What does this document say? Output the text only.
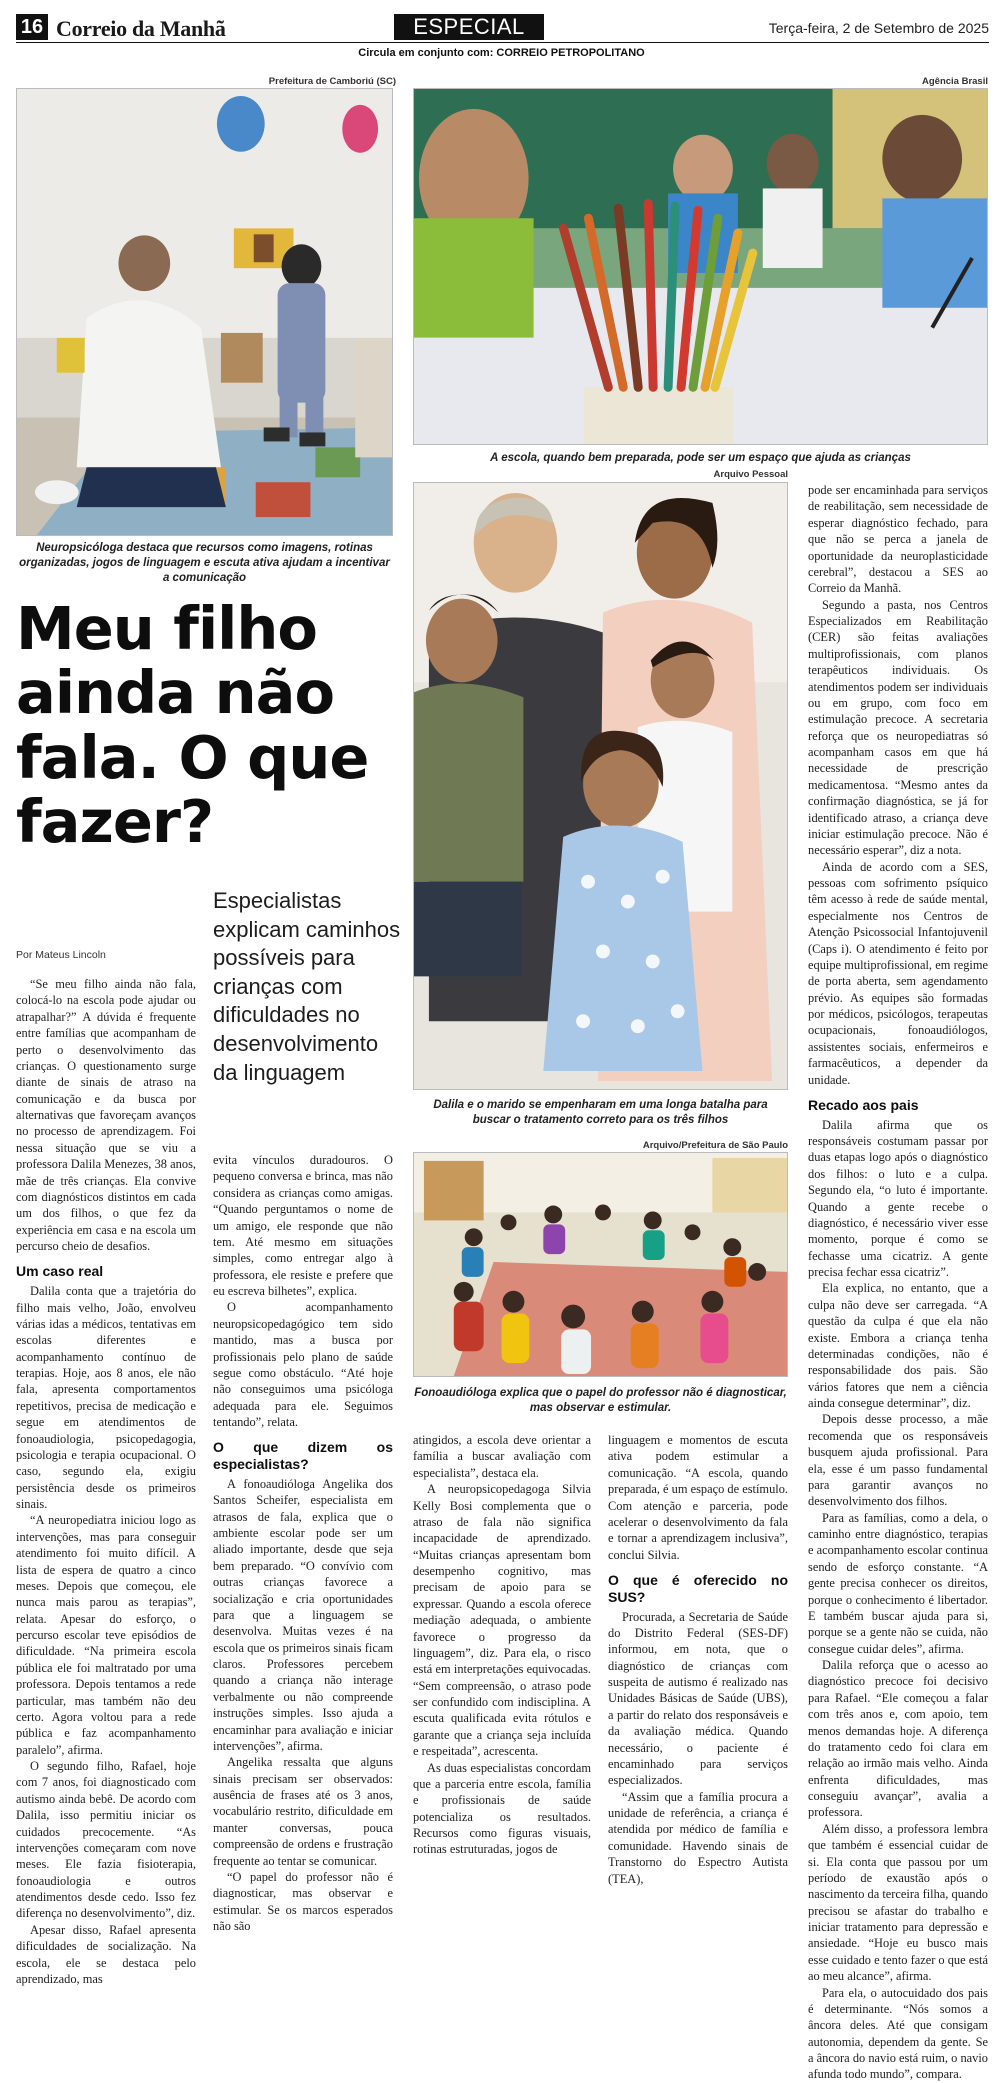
16 Correio da Manhã	ESPECIAL	Terça-feira, 2 de Setembro de 2025
Circula em conjunto com: CORREIO PETROPOLITANO
Prefeitura de Camboriú (SC)
Neuropsicóloga destaca que recursos como imagens, rotinas organizadas, jogos de linguagem e escuta ativa ajudam a incentivar a comunicação
Agência Brasil
A escola, quando bem preparada, pode ser um espaço que ajuda as crianças
Arquivo Pessoal
Dalila e o marido se empenharam em uma longa batalha para buscar o tratamento correto para os três filhos
Arquivo/Prefeitura de São Paulo
Fonoaudióloga explica que o papel do professor não é diagnosticar, mas observar e estimular.
Meu filho ainda não fala. O que fazer?
Especialistas explicam caminhos possíveis para crianças com dificuldades no desenvolvimento da linguagem
Por Mateus Lincoln

“Se meu filho ainda não fala, colocá-lo na escola pode ajudar ou atrapalhar?” A dúvida é frequente entre famílias que acompanham de perto o desenvolvimento das crianças. O questionamento surge diante de sinais de atraso na comunicação e da busca por alternativas que favoreçam avanços no processo de aprendizagem. Foi nessa situação que se viu a professora Dalila Menezes, 38 anos, mãe de três crianças. Ela convive com diagnósticos distintos em cada um dos filhos, o que fez da experiência em casa e na escola um percurso cheio de desafios.

Um caso real

Dalila conta que a trajetória do filho mais velho, João, envolveu várias idas a médicos, tentativas em escolas diferentes e acompanhamento contínuo de terapias. Hoje, aos 8 anos, ele não fala, apresenta comportamentos repetitivos, precisa de medicação e segue em atendimentos de fonoaudiologia, psicopedagogia, psicologia e terapia ocupacional. O caso, segundo ela, exigiu persistência desde os primeiros sinais.

“A neuropediatra iniciou logo as intervenções, mas para conseguir atendimento foi muito difícil. A lista de espera de quatro a cinco meses. Depois que começou, ele nunca mais parou as terapias”, relata. Apesar do esforço, o percurso escolar teve episódios de dificuldade. “Na primeira escola pública ele foi maltratado por uma professora. Depois tentamos a rede particular, mas também não deu certo. Agora voltou para a rede pública e faz acompanhamento paralelo”, afirma.

O segundo filho, Rafael, hoje com 7 anos, foi diagnosticado com autismo ainda bebê. De acordo com Dalila, isso permitiu iniciar os cuidados precocemente. “As intervenções começaram com nove meses. Ele fazia fisioterapia, fonoaudiologia e outros atendimentos desde cedo. Isso fez diferença no desenvolvimento”, diz.

Apesar disso, Rafael apresenta dificuldades de socialização. Na escola, ele se destaca pelo aprendizado, mas

evita vínculos duradouros. O pequeno conversa e brinca, mas não considera as crianças como amigas. “Quando perguntamos o nome de um amigo, ele responde que não tem. Até mesmo em situações simples, como entregar algo à professora, ele resiste e prefere que eu escreva bilhetes”, explica.

O acompanhamento neuropsicopedagógico tem sido mantido, mas a busca por profissionais pelo plano de saúde segue como obstáculo. “Até hoje não conseguimos uma psicóloga adequada para ele. Seguimos tentando”, relata.

O que dizem os especialistas?

A fonoaudióloga Angelika dos Santos Scheifer, especialista em atrasos de fala, explica que o ambiente escolar pode ser um aliado importante, desde que seja bem preparado. “O convívio com outras crianças favorece a socialização e cria oportunidades para que a linguagem se desenvolva. Muitas vezes é na escola que os primeiros sinais ficam claros. Professores percebem quando a criança não interage verbalmente ou não compreende instruções simples. Isso ajuda a encaminhar para avaliação e iniciar intervenções”, afirma.

Angelika ressalta que alguns sinais precisam ser observados: ausência de frases até os 3 anos, vocabulário restrito, dificuldade em manter conversas, pouca compreensão de ordens e frustração frequente ao tentar se comunicar.

“O papel do professor não é diagnosticar, mas observar e estimular. Se os marcos esperados não são

atingidos, a escola deve orientar a família a buscar avaliação com especialista”, destaca ela.

A neuropsicopedagoga Silvia Kelly Bosi complementa que o atraso de fala não significa incapacidade de aprendizado. “Muitas crianças apresentam bom desempenho cognitivo, mas precisam de apoio para se expressar. Quando a escola oferece mediação adequada, o ambiente favorece o progresso da linguagem”, diz. Para ela, o risco está em interpretações equivocadas. “Sem compreensão, o atraso pode ser confundido com indisciplina. A escuta qualificada evita rótulos e garante que a criança seja incluída e respeitada”, acrescenta.

As duas especialistas concordam que a parceria entre escola, família e profissionais de saúde potencializa os resultados. Recursos como figuras visuais, rotinas estruturadas, jogos de

linguagem e momentos de escuta ativa podem estimular a comunicação. “A escola, quando preparada, é um espaço de estímulo. Com atenção e parceria, pode acelerar o desenvolvimento da fala e tornar a aprendizagem inclusiva”, conclui Silvia.

O que é oferecido no SUS?

Procurada, a Secretaria de Saúde do Distrito Federal (SES-DF) informou, em nota, que o diagnóstico de crianças com suspeita de autismo é realizado nas Unidades Básicas de Saúde (UBS), a partir do relato dos responsáveis e da avaliação médica. Quando necessário, o paciente é encaminhado para serviços especializados.

“Assim que a família procura a unidade de referência, a criança é atendida por médico de família e comunidade. Havendo sinais de Transtorno do Espectro Autista (TEA),

pode ser encaminhada para serviços de reabilitação, sem necessidade de esperar diagnóstico fechado, para que não se perca a janela de oportunidade da neuroplasticidade cerebral”, destacou a SES ao Correio da Manhã.

Segundo a pasta, nos Centros Especializados em Reabilitação (CER) são feitas avaliações multiprofissionais, com planos terapêuticos individuais. Os atendimentos podem ser individuais ou em grupo, com foco em estimulação precoce. A secretaria reforça que os neuropediatras só acompanham casos em que há necessidade de prescrição medicamentosa. “Mesmo antes da confirmação diagnóstica, se já for identificado atraso, a criança deve iniciar estimulação precoce. Não é necessário esperar”, diz a nota.

Ainda de acordo com a SES, pessoas com sofrimento psíquico têm acesso à rede de saúde mental, especialmente nos Centros de Atenção Psicossocial Infantojuvenil (Caps i). O atendimento é feito por equipe multiprofissional, em regime de porta aberta, sem agendamento prévio. As equipes são formadas por médicos, psicólogos, terapeutas ocupacionais, fonoaudiólogos, assistentes sociais, enfermeiros e farmacêuticos, a depender da unidade.

Recado aos pais

Dalila afirma que os responsáveis costumam passar por duas etapas logo após o diagnóstico dos filhos: o luto e a culpa. Segundo ela, “o luto é importante. Quando a gente recebe o diagnóstico, é necessário viver esse momento, porque é como se fechasse uma cicatriz. A gente precisa fechar essa cicatriz”.

Ela explica, no entanto, que a culpa não deve ser carregada. “A questão da culpa é que ela não existe. Embora a criança tenha determinadas condições, não é responsabilidade dos pais. São vários fatores que nem a ciência ainda consegue determinar”, diz.

Depois desse processo, a mãe recomenda que os responsáveis busquem ajuda profissional. Para ela, esse é um passo fundamental para garantir avanços no desenvolvimento dos filhos.

Para as famílias, como a dela, o caminho entre diagnóstico, terapias e acompanhamento escolar continua sendo de esforço constante. “A gente precisa conhecer os direitos, porque o conhecimento é libertador. E também buscar ajuda para si, porque se a gente não se cuida, não consegue cuidar deles”, afirma.

Dalila reforça que o acesso ao diagnóstico precoce foi decisivo para Rafael. “Ele começou a falar com três anos e, com apoio, tem menos demandas hoje. A diferença do tratamento cedo foi clara em relação ao irmão mais velho. Ainda enfrenta dificuldades, mas conseguiu avançar”, avalia a professora.

Além disso, a professora lembra que também é essencial cuidar de si. Ela conta que passou por um período de exaustão após o nascimento da terceira filha, quando precisou se afastar do trabalho e iniciar tratamento para depressão e ansiedade. “Hoje eu busco mais esse cuidado e tento fazer o que está ao meu alcance”, afirma.

Para ela, o autocuidado dos pais é determinante. “Nós somos a âncora deles. Até que consigam autonomia, dependem da gente. Se a âncora do navio está ruim, o navio afunda todo mundo”, compara.
